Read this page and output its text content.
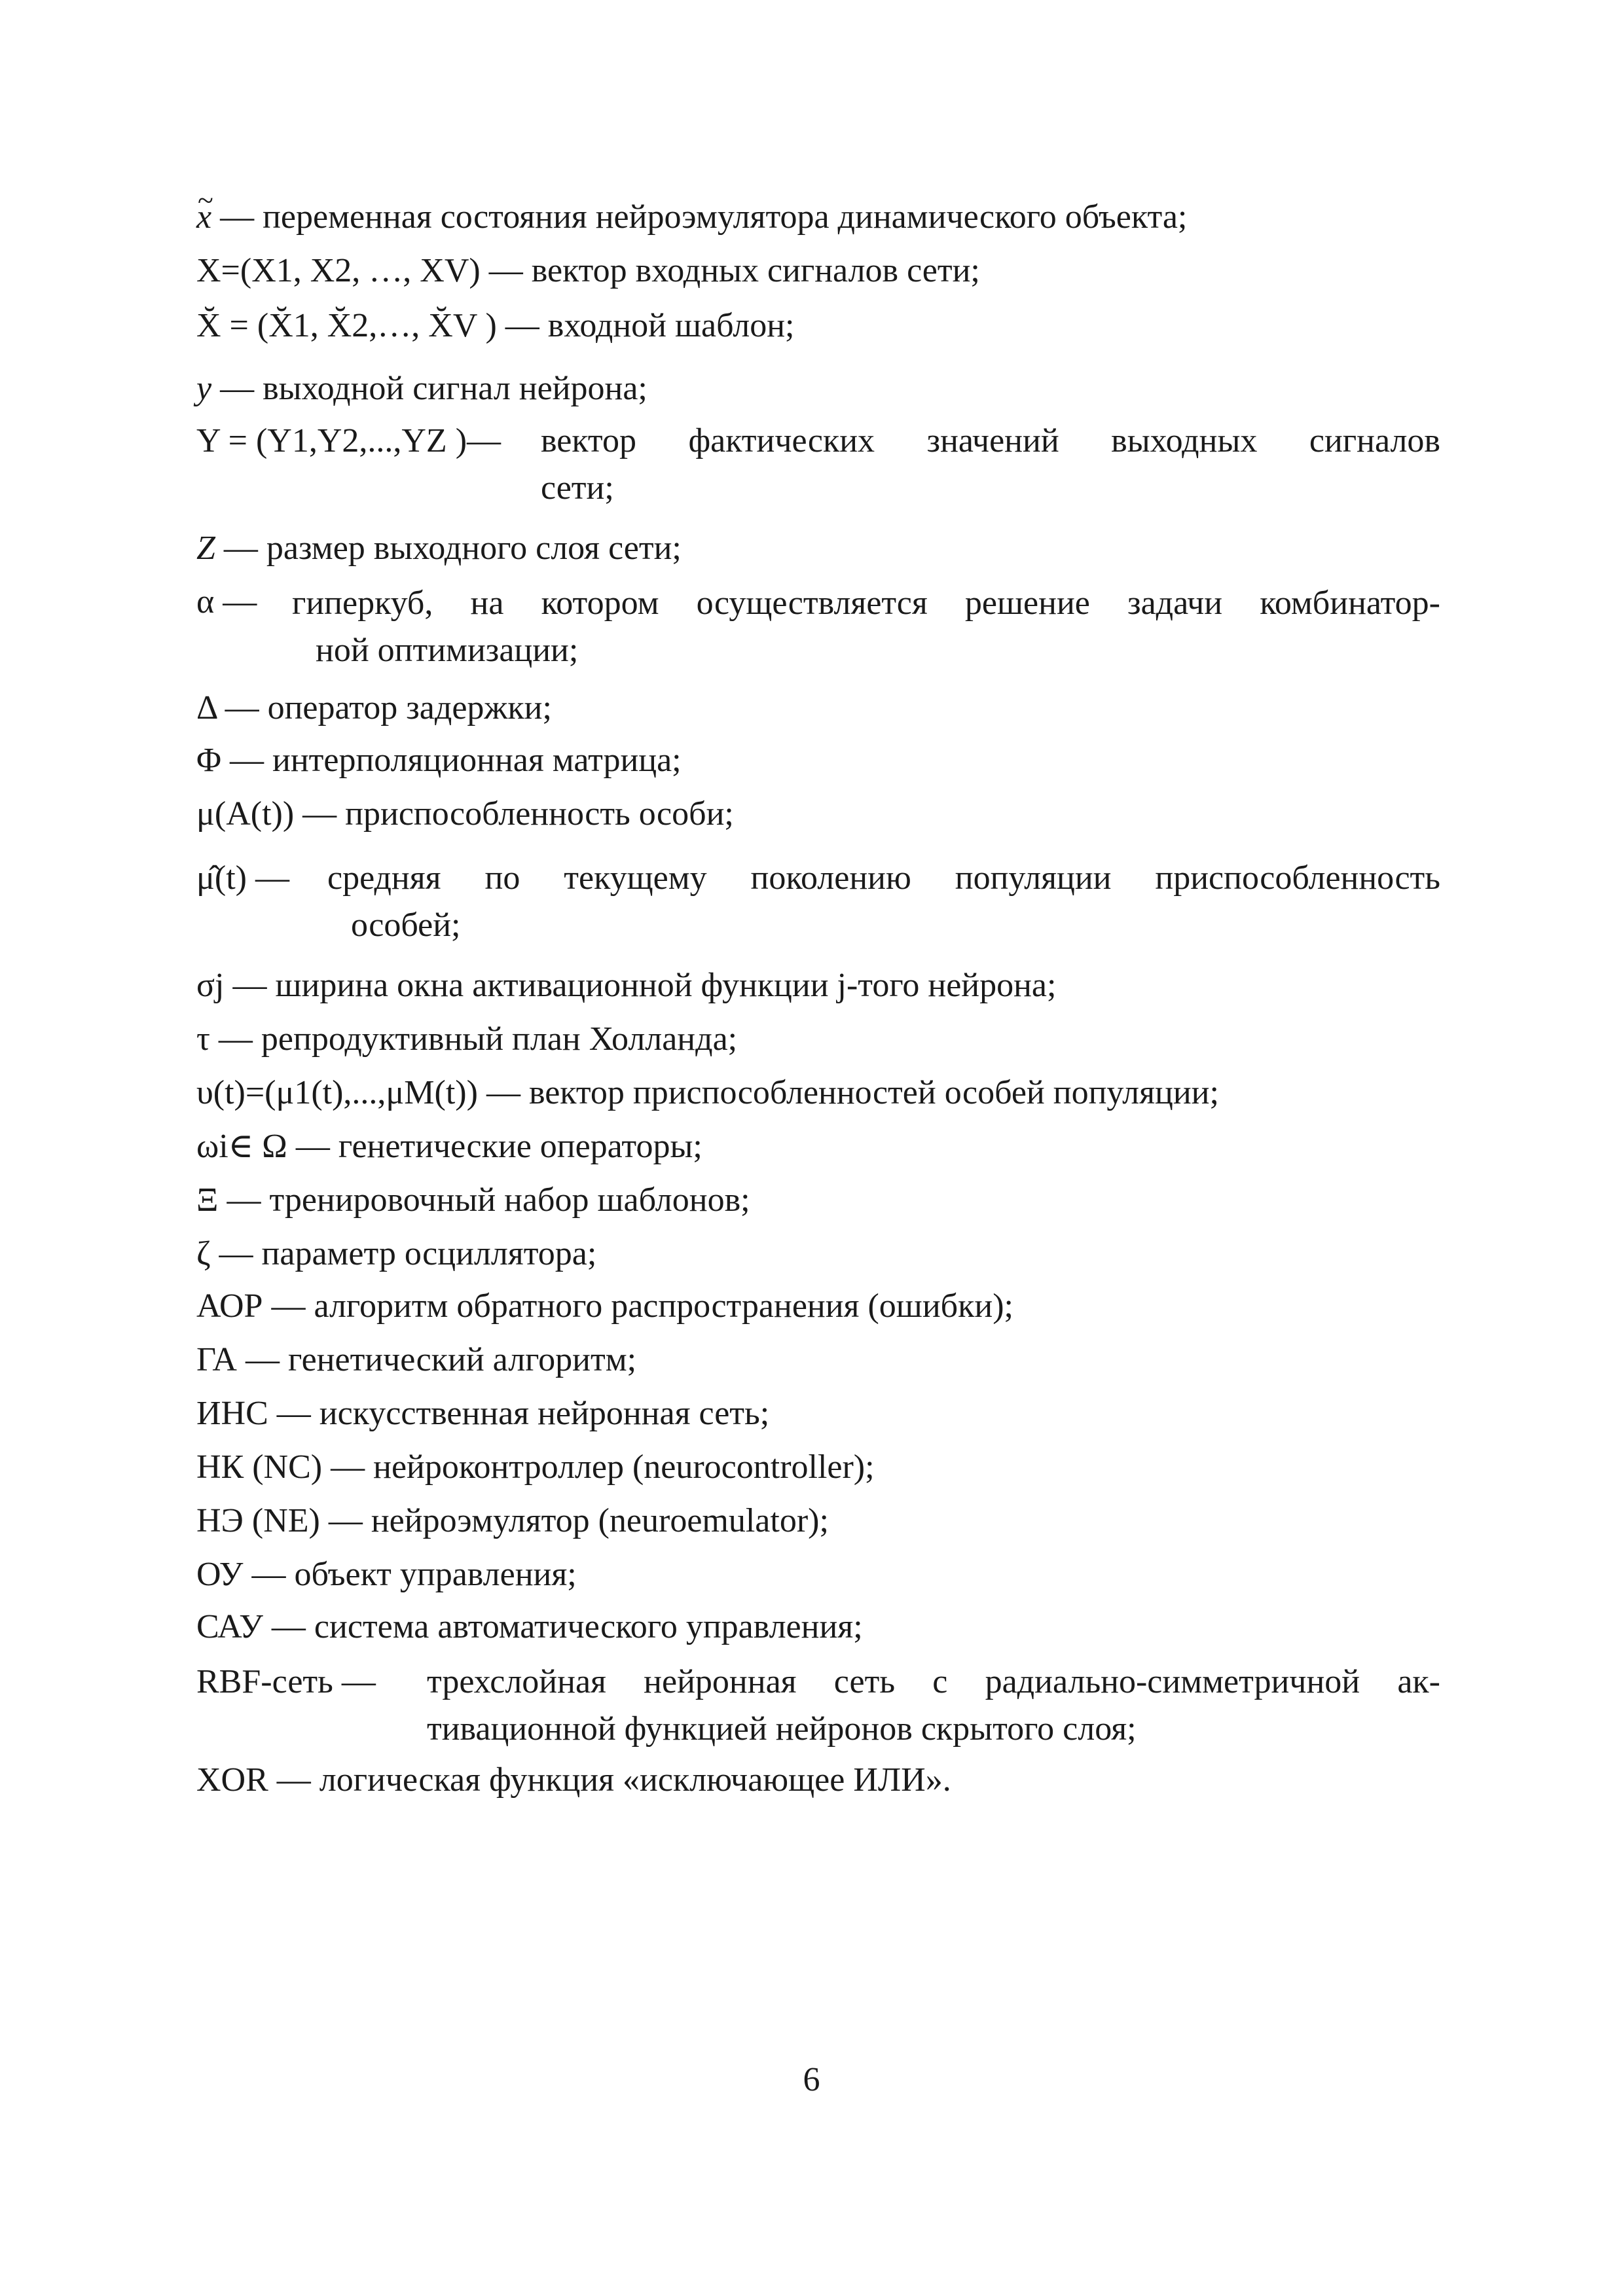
~ x — переменная состояния нейроэмулятора динамического объекта;
X=(X1, X2, …, XV) — вектор входных сигналов сети;
X̆ = (X̆1, X̆2,…, X̆V ) — входной шаблон;
y — выходной сигнал нейрона;
Y = (Y1,Y2,...,YZ )— вектор фактических значений выходных сигналов
сети;
Z — размер выходного слоя сети;
α — гиперкуб, на котором осуществляется решение задачи комбинатор-
ной оптимизации;
Δ — оператор задержки;
Φ — интерполяционная матрица;
μ(A(t)) — приспособленность особи;
μ̂(t) — средняя по текущему поколению популяции приспособленность
особей;
σj — ширина окна активационной функции j-того нейрона;
τ — репродуктивный план Холланда;
υ(t)=(μ1(t),...,μM(t)) — вектор приспособленностей особей популяции;
ωi∈ Ω — генетические операторы;
Ξ — тренировочный набор шаблонов;
ζ — параметр осциллятора;
АОР — алгоритм обратного распространения (ошибки);
ГА — генетический алгоритм;
ИНС — искусственная нейронная сеть;
НК (NC) — нейроконтроллер (neurocontroller);
НЭ (NE) — нейроэмулятор (neuroemulator);
ОУ — объект управления;
САУ — система автоматического управления;
RBF-сеть — трехслойная нейронная сеть с радиально-симметричной ак-
тивационной функцией нейронов скрытого слоя;
XOR — логическая функция «исключающее ИЛИ».
6
